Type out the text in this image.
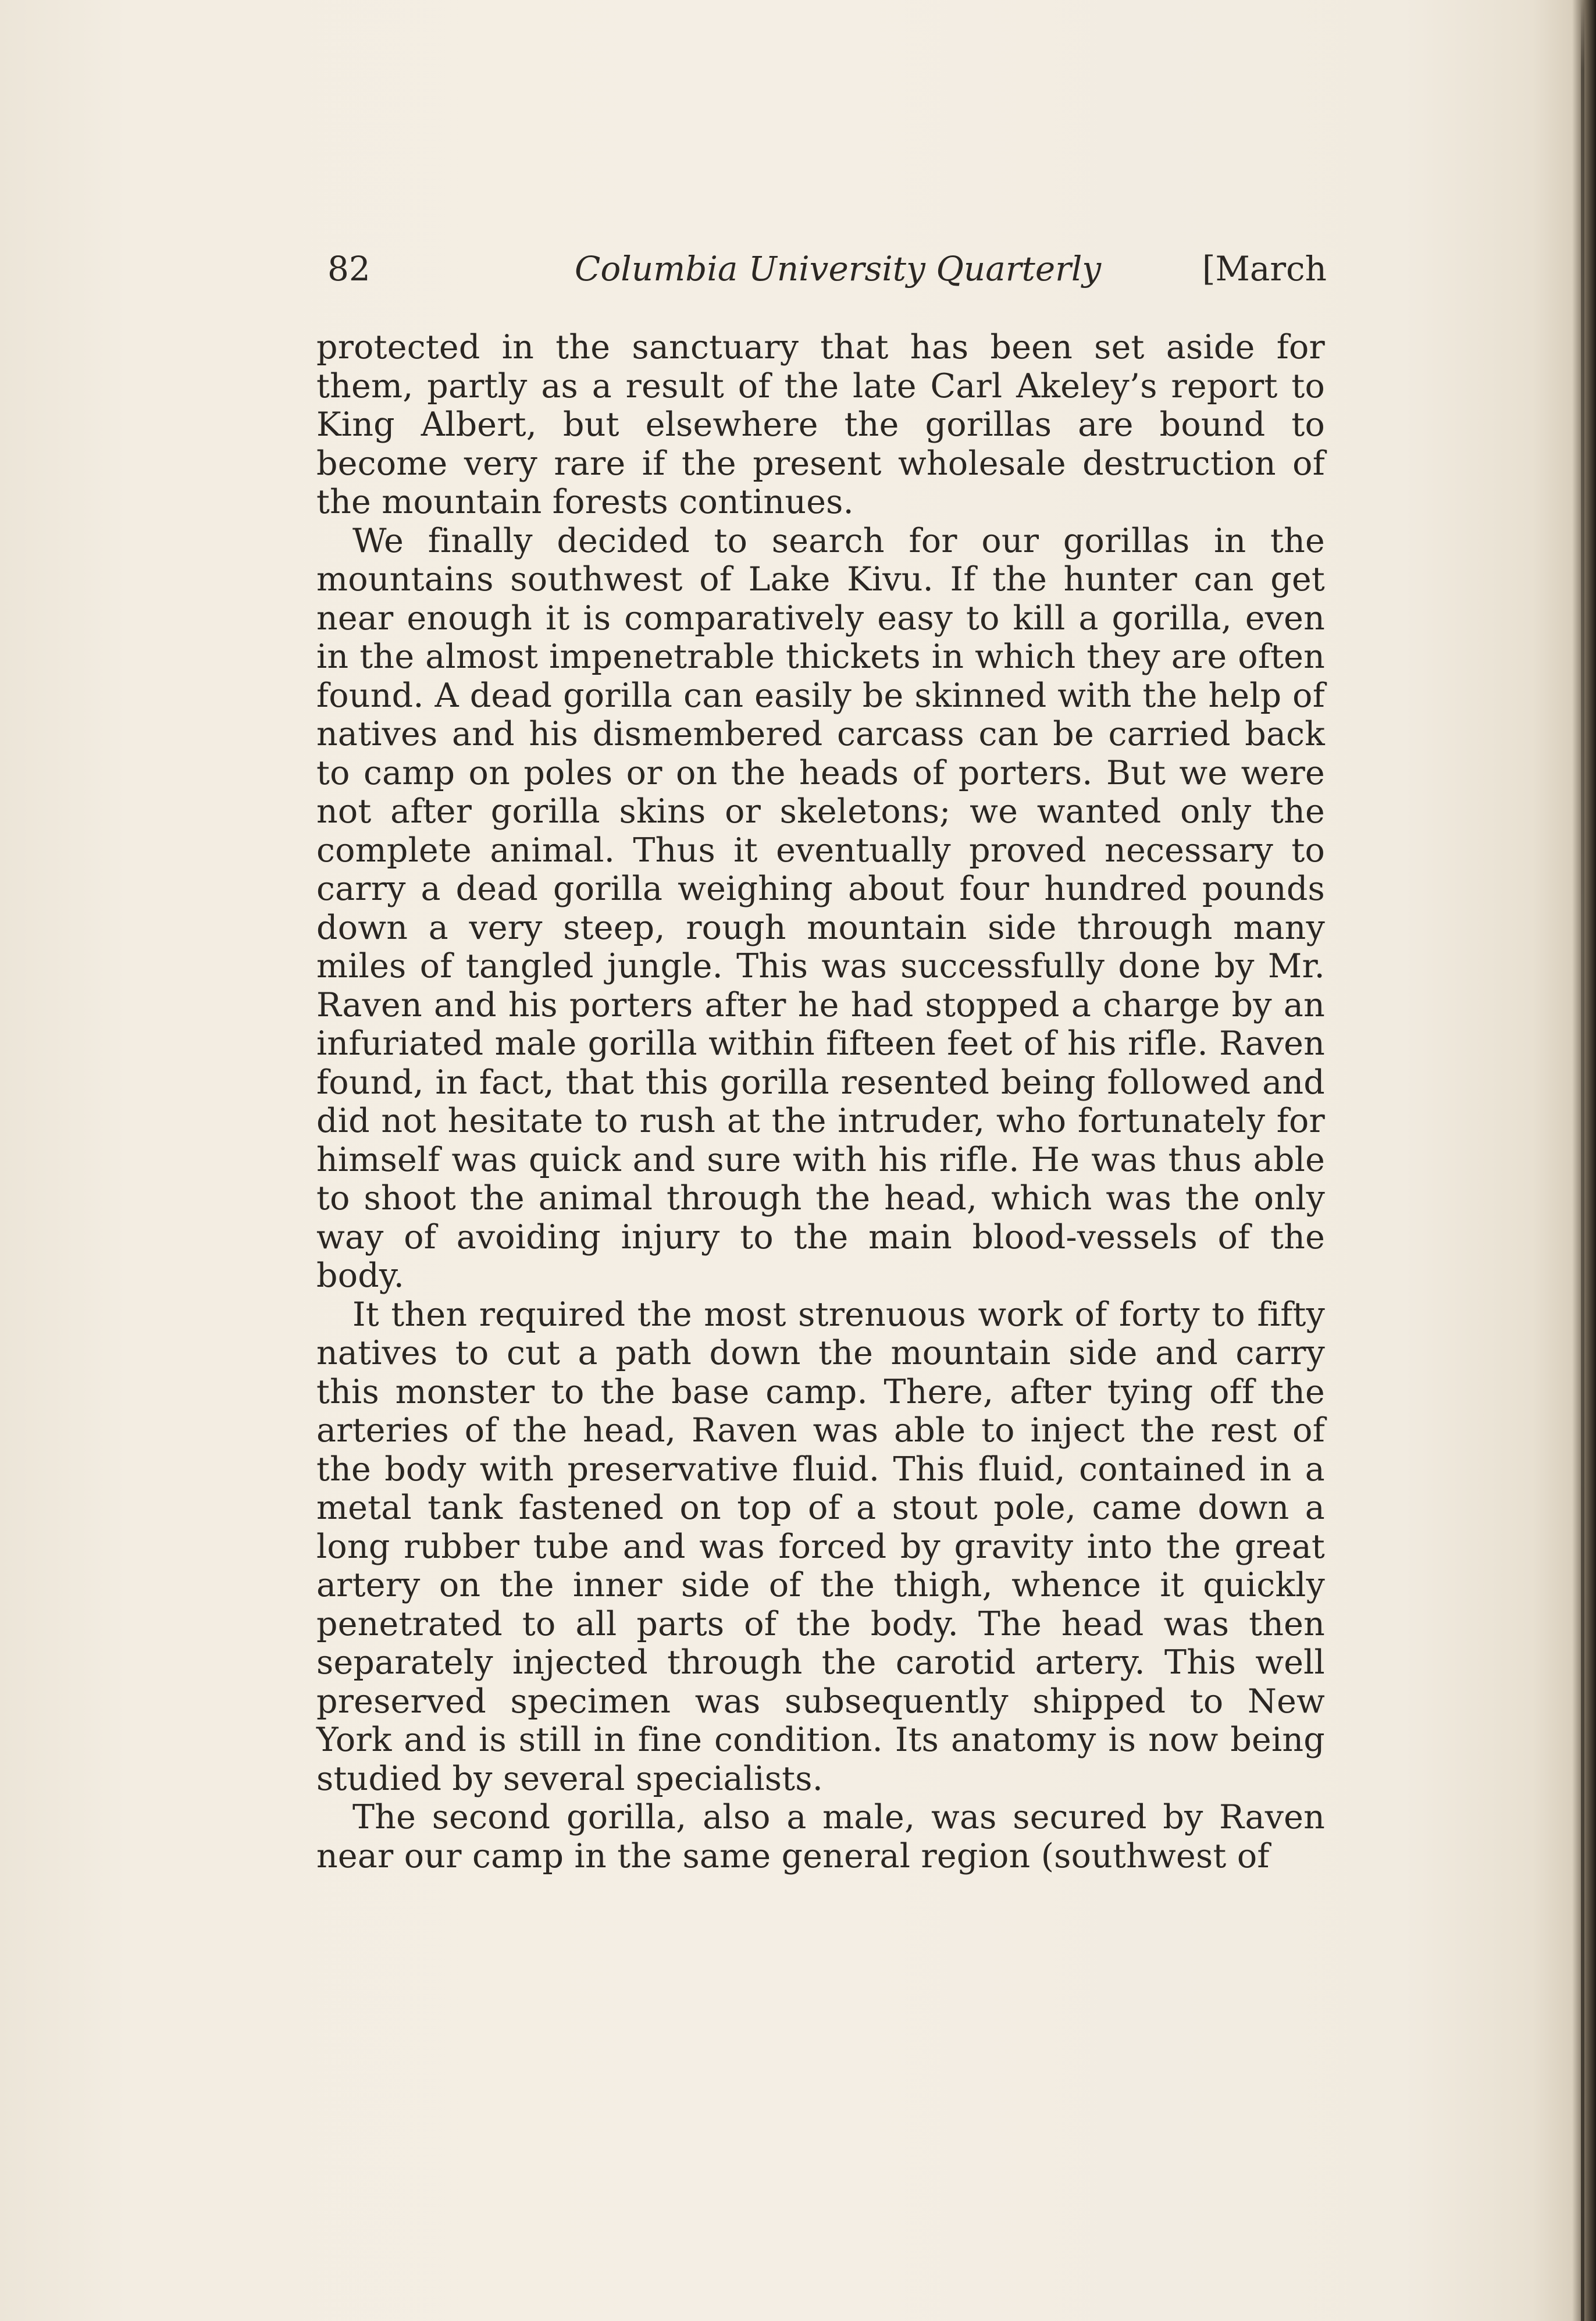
82	Columbia University Quarterly	[March

protected in the sanctuary that has been set aside for them, partly as a result of the late Carl Akeley’s report to King Albert, but elsewhere the gorillas are bound to become very rare if the present wholesale destruction of the mountain forests continues.

We finally decided to search for our gorillas in the mountains southwest of Lake Kivu. If the hunter can get near enough it is comparatively easy to kill a gorilla, even in the almost impenetrable thickets in which they are often found. A dead gorilla can easily be skinned with the help of natives and his dismembered carcass can be carried back to camp on poles or on the heads of porters. But we were not after gorilla skins or skeletons; we wanted only the complete animal. Thus it eventually proved necessary to carry a dead gorilla weighing about four hundred pounds down a very steep, rough mountain side through many miles of tangled jungle. This was successfully done by Mr. Raven and his porters after he had stopped a charge by an infuriated male gorilla within fifteen feet of his rifle. Raven found, in fact, that this gorilla resented being followed and did not hesitate to rush at the intruder, who fortunately for himself was quick and sure with his rifle. He was thus able to shoot the animal through the head, which was the only way of avoiding injury to the main blood-vessels of the body.

It then required the most strenuous work of forty to fifty natives to cut a path down the mountain side and carry this monster to the base camp. There, after tying off the arteries of the head, Raven was able to inject the rest of the body with preservative fluid. This fluid, contained in a metal tank fastened on top of a stout pole, came down a long rubber tube and was forced by gravity into the great artery on the inner side of the thigh, whence it quickly penetrated to all parts of the body. The head was then separately injected through the carotid artery. This well preserved specimen was subsequently shipped to New York and is still in fine condition. Its anatomy is now being studied by several specialists.

The second gorilla, also a male, was secured by Raven near our camp in the same general region (southwest of
